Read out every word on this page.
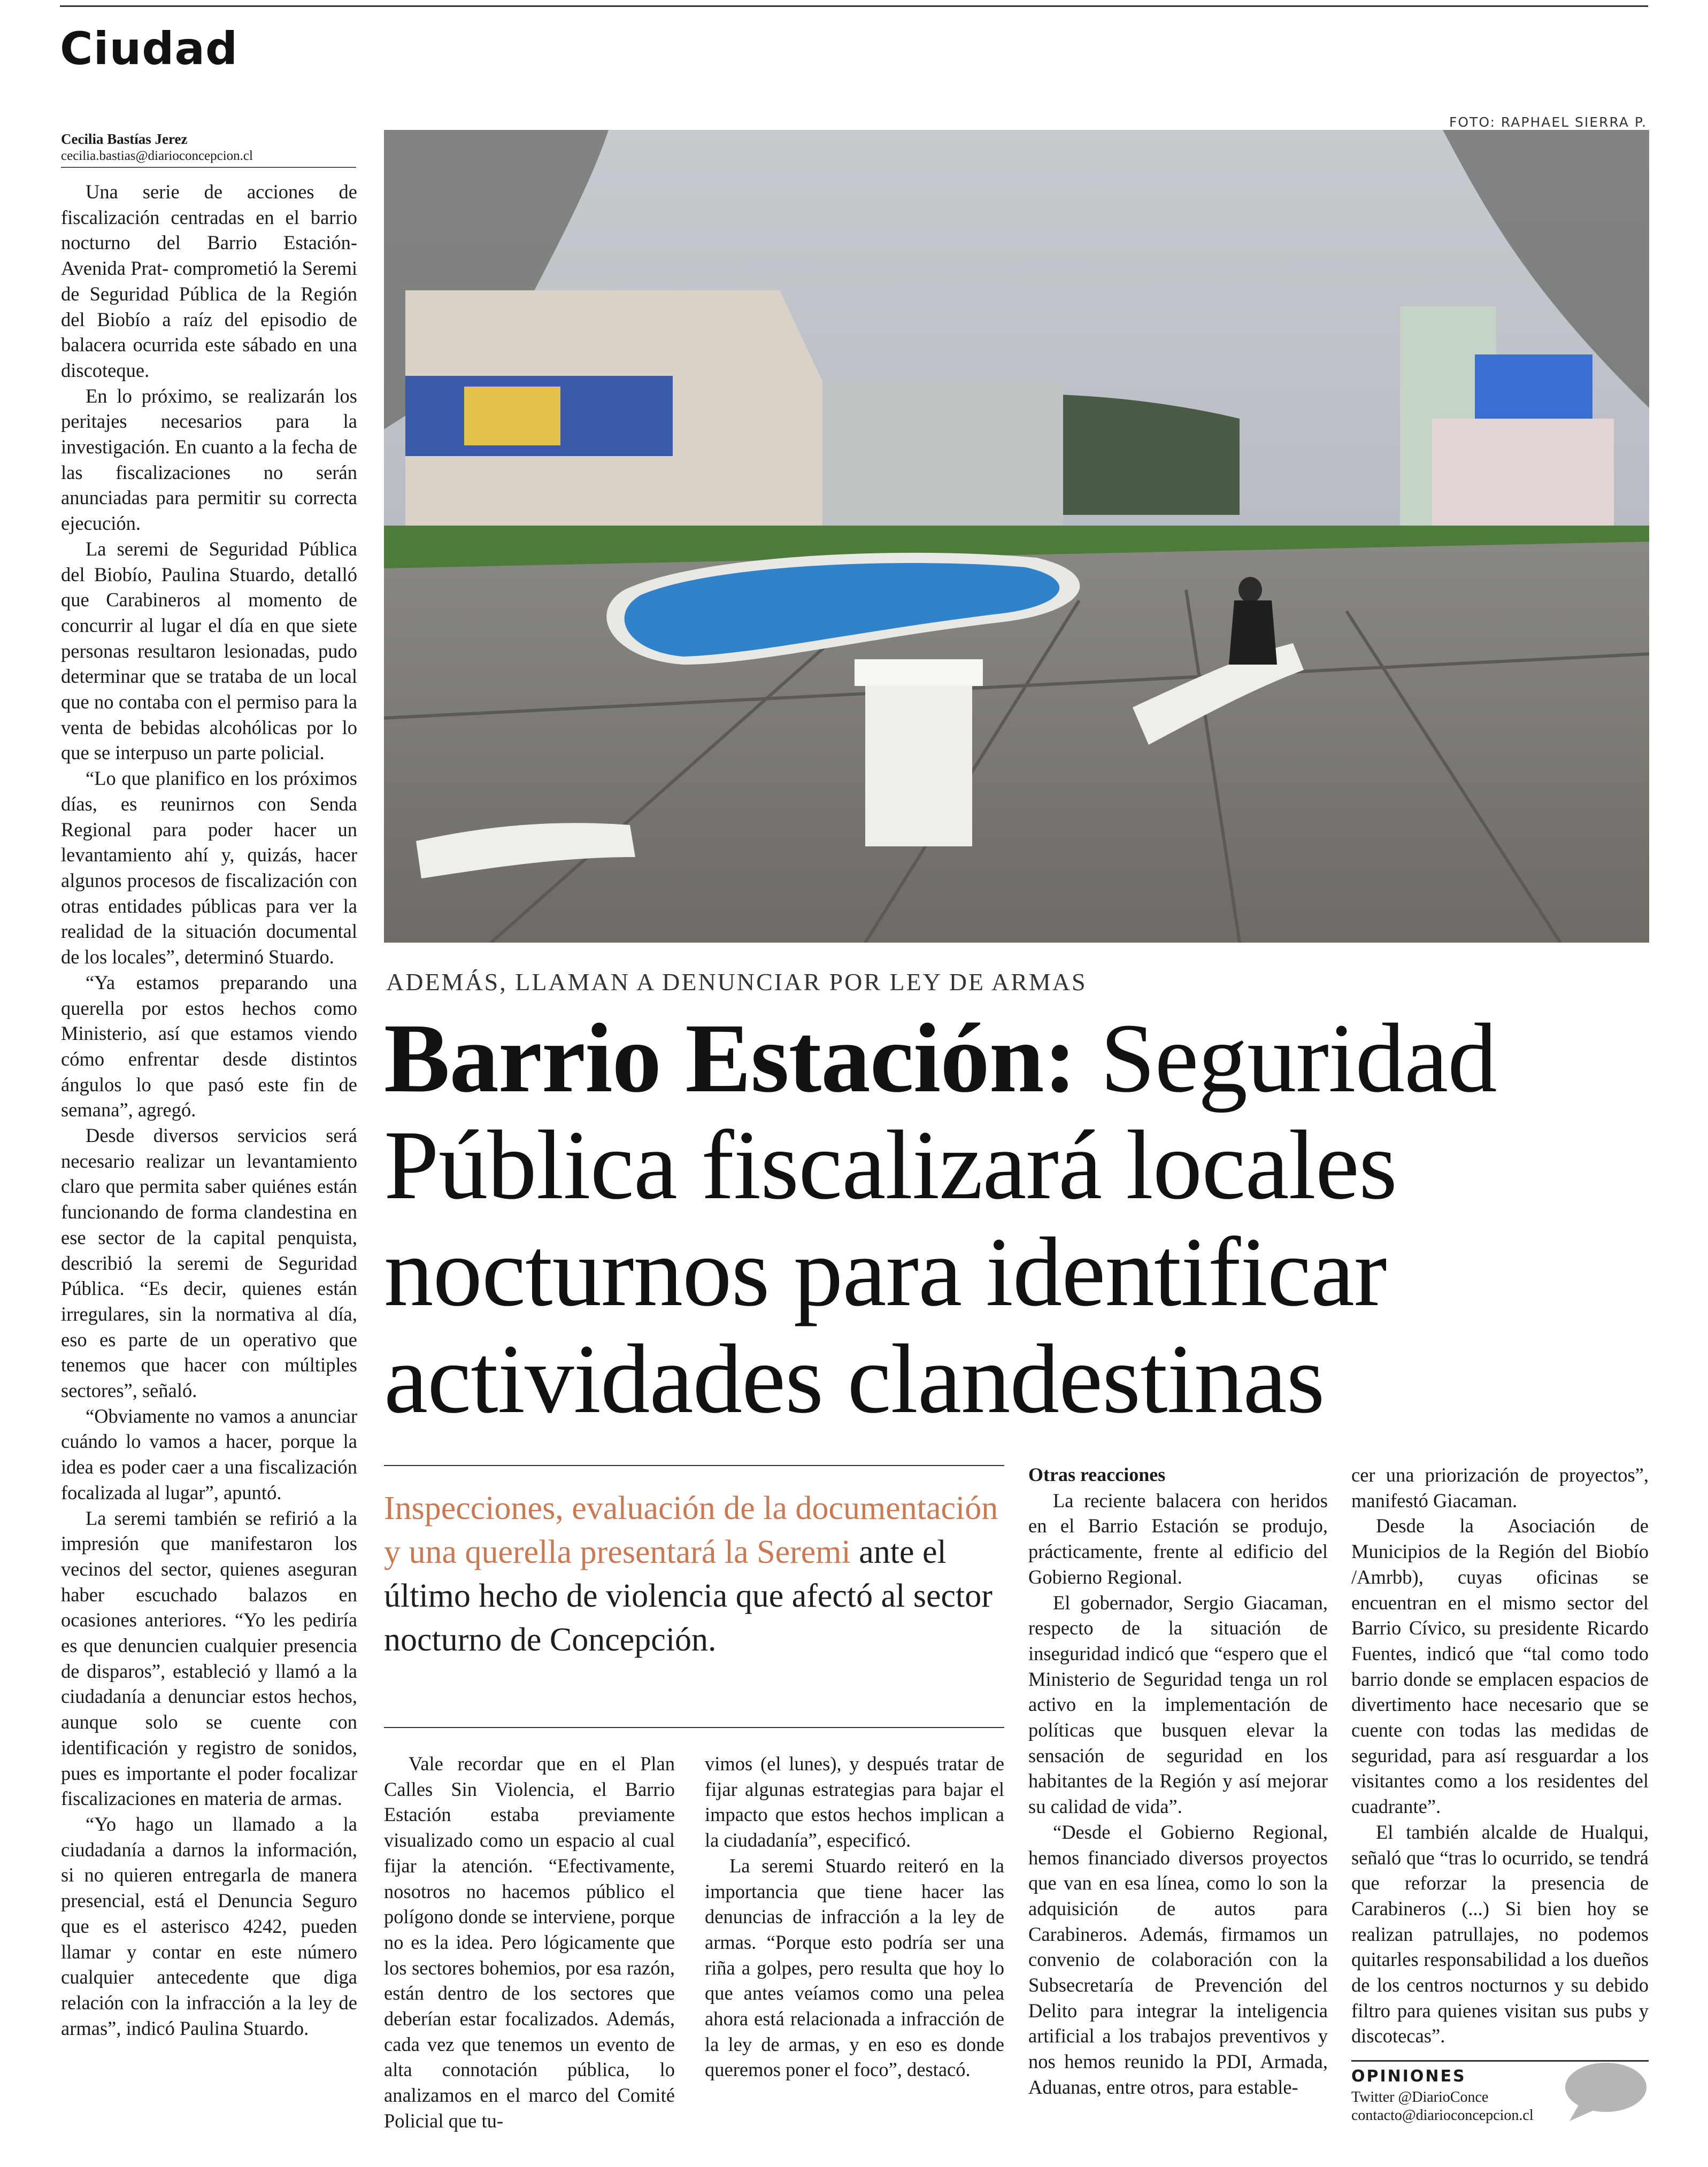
Ciudad
Cecilia Bastías Jerez
cecilia.bastias@diarioconcepcion.cl

Una serie de acciones de fiscalización centradas en el barrio nocturno del Barrio Estación- Avenida Prat- comprometió la Seremi de Seguridad Pública de la Región del Biobío a raíz del episodio de balacera ocurrida este sábado en una discoteque.

En lo próximo, se realizarán los peritajes necesarios para la investigación. En cuanto a la fecha de las fiscalizaciones no serán anunciadas para permitir su correcta ejecución.

La seremi de Seguridad Pública del Biobío, Paulina Stuardo, detalló que Carabineros al momento de concurrir al lugar el día en que siete personas resultaron lesionadas, pudo determinar que se trataba de un local que no contaba con el permiso para la venta de bebidas alcohólicas por lo que se interpuso un parte policial.

“Lo que planifico en los próximos días, es reunirnos con Senda Regional para poder hacer un levantamiento ahí y, quizás, hacer algunos procesos de fiscalización con otras entidades públicas para ver la realidad de la situación documental de los locales”, determinó Stuardo.

“Ya estamos preparando una querella por estos hechos como Ministerio, así que estamos viendo cómo enfrentar desde distintos ángulos lo que pasó este fin de semana”, agregó.

Desde diversos servicios será necesario realizar un levantamiento claro que permita saber quiénes están funcionando de forma clandestina en ese sector de la capital penquista, describió la seremi de Seguridad Pública. “Es decir, quienes están irregulares, sin la normativa al día, eso es parte de un operativo que tenemos que hacer con múltiples sectores”, señaló.

“Obviamente no vamos a anunciar cuándo lo vamos a hacer, porque la idea es poder caer a una fiscalización focalizada al lugar”, apuntó.

La seremi también se refirió a la impresión que manifestaron los vecinos del sector, quienes aseguran haber escuchado balazos en ocasiones anteriores. “Yo les pediría es que denuncien cualquier presencia de disparos”, estableció y llamó a la ciudadanía a denunciar estos hechos, aunque solo se cuente con identificación y registro de sonidos, pues es importante el poder focalizar fiscalizaciones en materia de armas.

“Yo hago un llamado a la ciudadanía a darnos la información, si no quieren entregarla de manera presencial, está el Denuncia Seguro que es el asterisco 4242, pueden llamar y contar en este número cualquier antecedente que diga relación con la infracción a la ley de armas”, indicó Paulina Stuardo.

FOTO: RAPHAEL SIERRA P.
ADEMÁS, LLAMAN A DENUNCIAR POR LEY DE ARMAS
Barrio Estación: Seguridad
Pública fiscalizará locales
nocturnos para identificar
actividades clandestinas
Inspecciones, evaluación de la documentación y una querella presentará la Seremi ante el último hecho de violencia que afectó al sector nocturno de Concepción.

Vale recordar que en el Plan Calles Sin Violencia, el Barrio Estación estaba previamente visualizado como un espacio al cual fijar la atención. “Efectivamente, nosotros no hacemos público el polígono donde se interviene, porque no es la idea. Pero lógicamente que los sectores bohemios, por esa razón, están dentro de los sectores que deberían estar focalizados. Además, cada vez que tenemos un evento de alta connotación pública, lo analizamos en el marco del Comité Policial que tu-

vimos (el lunes), y después tratar de fijar algunas estrategias para bajar el impacto que estos hechos implican a la ciudadanía”, especificó.

La seremi Stuardo reiteró en la importancia que tiene hacer las denuncias de infracción a la ley de armas. “Porque esto podría ser una riña a golpes, pero resulta que hoy lo que antes veíamos como una pelea ahora está relacionada a infracción de la ley de armas, y en eso es donde queremos poner el foco”, destacó.

Otras reacciones

La reciente balacera con heridos en el Barrio Estación se produjo, prácticamente, frente al edificio del Gobierno Regional.

El gobernador, Sergio Giacaman, respecto de la situación de inseguridad indicó que “espero que el Ministerio de Seguridad tenga un rol activo en la implementación de políticas que busquen elevar la sensación de seguridad en los habitantes de la Región y así mejorar su calidad de vida”.

“Desde el Gobierno Regional, hemos financiado diversos proyectos que van en esa línea, como lo son la adquisición de autos para Carabineros. Además, firmamos un convenio de colaboración con la Subsecretaría de Prevención del Delito para integrar la inteligencia artificial a los trabajos preventivos y nos hemos reunido la PDI, Armada, Aduanas, entre otros, para estable-

cer una priorización de proyectos”, manifestó Giacaman.

Desde la Asociación de Municipios de la Región del Biobío /Amrbb), cuyas oficinas se encuentran en el mismo sector del Barrio Cívico, su presidente Ricardo Fuentes, indicó que “tal como todo barrio donde se emplacen espacios de divertimento hace necesario que se cuente con todas las medidas de seguridad, para así resguardar a los visitantes como a los residentes del cuadrante”.

El también alcalde de Hualqui, señaló que “tras lo ocurrido, se tendrá que reforzar la presencia de Carabineros (...) Si bien hoy se realizan patrullajes, no podemos quitarles responsabilidad a los dueños de los centros nocturnos y su debido filtro para quienes visitan sus pubs y discotecas”.

OPINIONES
Twitter @DiarioConce
contacto@diarioconcepcion.cl
